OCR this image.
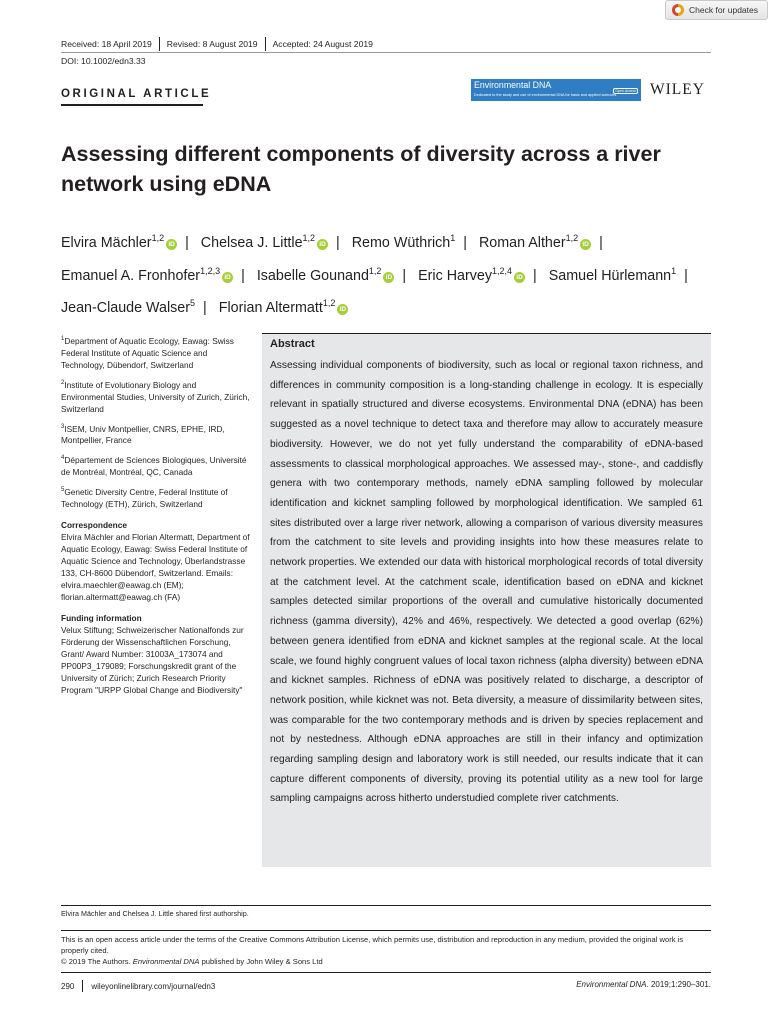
Check for updates
Received: 18 April 2019 Revised: 8 August 2019 Accepted: 24 August 2019
DOI: 10.1002/edn3.33
ORIGINAL ARTICLE
Environmental DNA
Open Access
Dedicated to the study and use of environmental DNA for basic and applied sciences WILEY
Assessing different components of diversity across a river network using eDNA
Elvira Mächler$^{1,2}$iD | Chelsea J. Little$^{1,2}$iD | Remo Wüthrich$^1$ | Roman Alther$^{1,2}$iD | Emanuel A. Fronhofer$^{1,2,3}$iD | Isabelle Gounand$^{1,2}$iD | Eric Harvey$^{1,2,4}$iD | Samuel Hürlemann$^1$ | Jean-Claude Walser$^5$ | Florian Altermatt$^{1,2}$iD

$^1$Department of Aquatic Ecology, Eawag: Swiss Federal Institute of Aquatic Science and Technology, Dübendorf, Switzerland

$^2$Institute of Evolutionary Biology and Environmental Studies, University of Zurich, Zürich, Switzerland

$^3$ISEM, Univ Montpellier, CNRS, EPHE, IRD, Montpellier, France

$^4$Département de Sciences Biologiques, Université de Montréal, Montréal, QC, Canada

$^5$Genetic Diversity Centre, Federal Institute of Technology (ETH), Zürich, Switzerland

Correspondence

Elvira Mächler and Florian Altermatt, Department of Aquatic Ecology, Eawag: Swiss Federal Institute of Aquatic Science and Technology, Überlandstrasse 133, CH-8600 Dübendorf, Switzerland. Emails: elvira.maechler@eawag.ch (EM); florian.altermatt@eawag.ch (FA)

Funding information

Velux Stiftung; Schweizerischer Nationalfonds zur Förderung der Wissenschaftlichen Forschung, Grant/ Award Number: 31003A_173074 and PP00P3_179089; Forschungskredit grant of the University of Zürich; Zurich Research Priority Program "URPP Global Change and Biodiversity"

Abstract
Assessing individual components of biodiversity, such as local or regional taxon richness, and differences in community composition is a long-standing challenge in ecology. It is especially relevant in spatially structured and diverse ecosystems. Environmental DNA (eDNA) has been suggested as a novel technique to detect taxa and therefore may allow to accurately measure biodiversity. However, we do not yet fully understand the comparability of eDNA-based assessments to classical morphological approaches. We assessed may-, stone-, and caddisfly genera with two contemporary methods, namely eDNA sampling followed by molecular identification and kicknet sampling followed by morphological identification. We sampled 61 sites distributed over a large river network, allowing a comparison of various diversity measures from the catchment to site levels and providing insights into how these measures relate to network properties. We extended our data with historical morphological records of total diversity at the catchment level. At the catchment scale, identification based on eDNA and kicknet samples detected similar proportions of the overall and cumulative historically documented richness (gamma diversity), 42% and 46%, respectively. We detected a good overlap (62%) between genera identified from eDNA and kicknet samples at the regional scale. At the local scale, we found highly congruent values of local taxon richness (alpha diversity) between eDNA and kicknet samples. Richness of eDNA was positively related to discharge, a descriptor of network position, while kicknet was not. Beta diversity, a measure of dissimilarity between sites, was comparable for the two contemporary methods and is driven by species replacement and not by nestedness. Although eDNA approaches are still in their infancy and optimization regarding sampling design and laboratory work is still needed, our results indicate that it can capture different components of diversity, proving its potential utility as a new tool for large sampling campaigns across hitherto understudied complete river catchments.
Elvira Mächler and Chelsea J. Little shared first authorship.
This is an open access article under the terms of the Creative Commons Attribution License, which permits use, distribution and reproduction in any medium, provided the original work is properly cited.
© 2019 The Authors. Environmental DNA published by John Wiley & Sons Ltd
290 wileyonlinelibrary.com/journal/edn3	Environmental DNA. 2019;1:290–301.
